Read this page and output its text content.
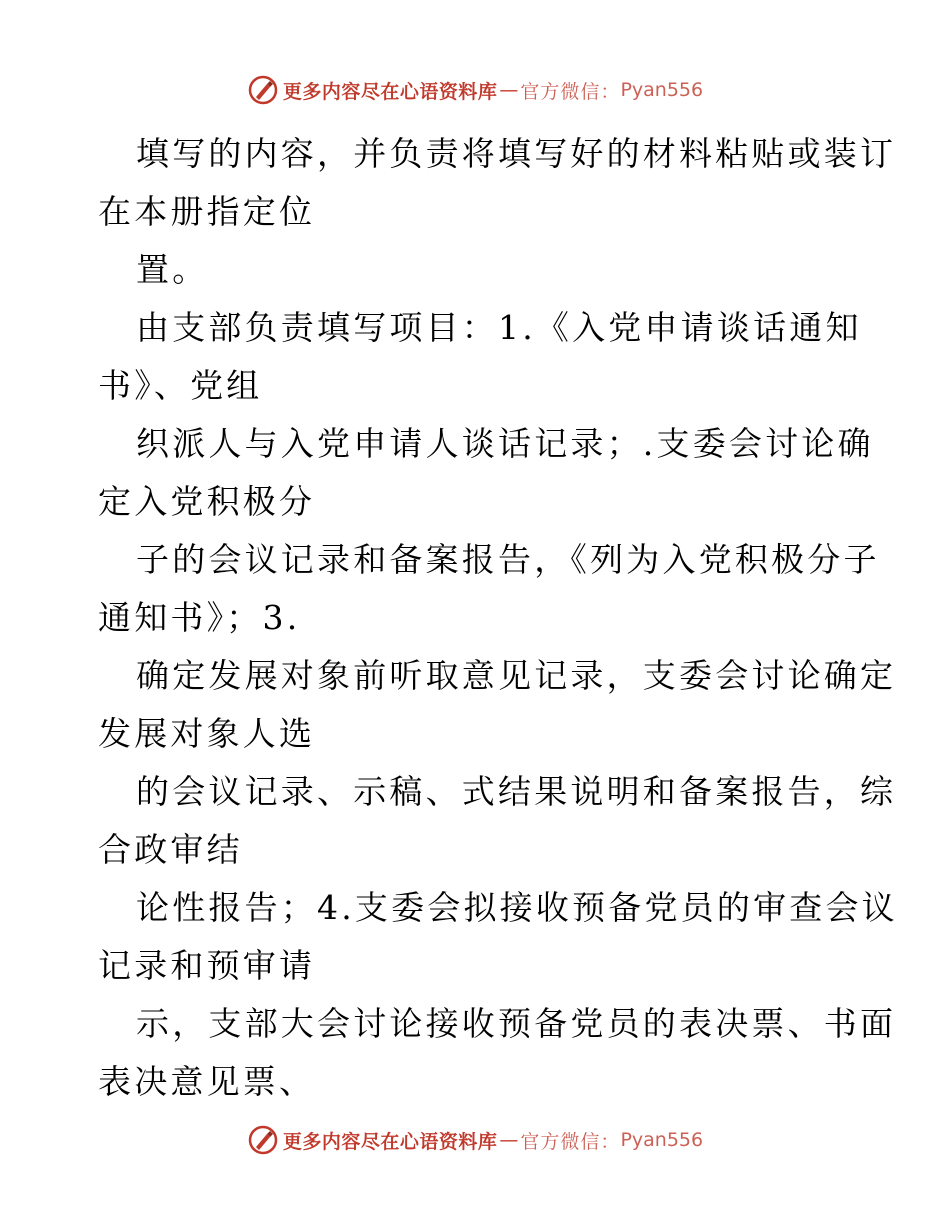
更多内容尽在心语资料库 — 官方微信： Pyan556
填写的内容，并负责将填写好的材料粘贴或装订
在本册指定位
置。
由支部负责填写项目：1.《入党申请谈话通知
书》、党组
织派人与入党申请人谈话记录；.支委会讨论确
定入党积极分
子的会议记录和备案报告，《列为入党积极分子
通知书》；3.
确定发展对象前听取意见记录，支委会讨论确定
发展对象人选
的会议记录、示稿、式结果说明和备案报告，综
合政审结
论性报告；4.支委会拟接收预备党员的审查会议
记录和预审请
示，支部大会讨论接收预备党员的表决票、书面
表决意见票、
更多内容尽在心语资料库 — 官方微信： Pyan556
